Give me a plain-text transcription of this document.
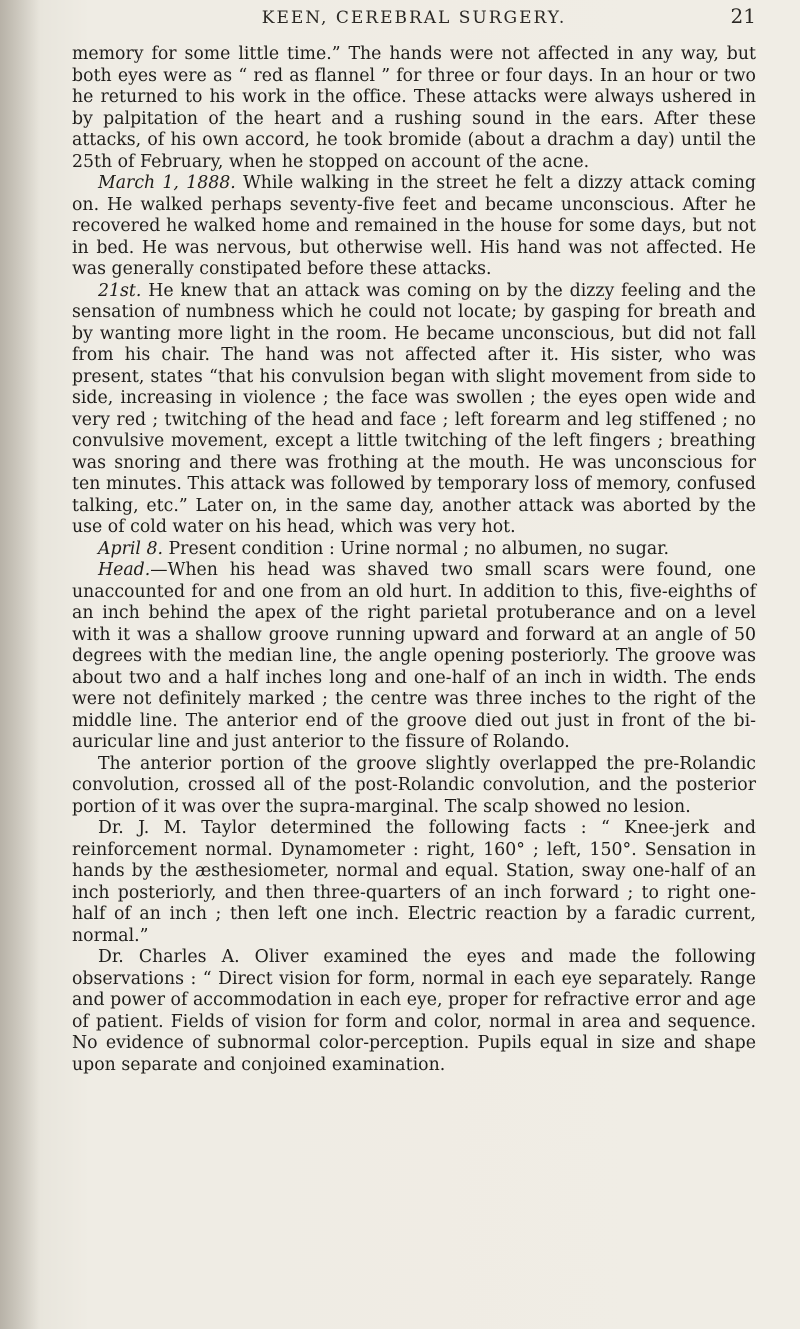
KEEN, CEREBRAL SURGERY.	21

memory for some little time.” The hands were not affected in any way, but both eyes were as “ red as flannel ” for three or four days. In an hour or two he returned to his work in the office. These attacks were always ushered in by palpitation of the heart and a rushing sound in the ears. After these attacks, of his own accord, he took bromide (about a drachm a day) until the 25th of February, when he stopped on account of the acne.

March 1, 1888. While walking in the street he felt a dizzy attack coming on. He walked perhaps seventy-five feet and became unconscious. After he recovered he walked home and remained in the house for some days, but not in bed. He was nervous, but otherwise well. His hand was not affected. He was generally constipated before these attacks.

21st. He knew that an attack was coming on by the dizzy feeling and the sensation of numbness which he could not locate; by gasping for breath and by wanting more light in the room. He became unconscious, but did not fall from his chair. The hand was not affected after it. His sister, who was present, states “that his convulsion began with slight movement from side to side, increasing in violence ; the face was swollen ; the eyes open wide and very red ; twitching of the head and face ; left forearm and leg stiffened ; no convulsive movement, except a little twitching of the left fingers ; breathing was snoring and there was frothing at the mouth. He was unconscious for ten minutes. This attack was followed by temporary loss of memory, confused talking, etc.” Later on, in the same day, another attack was aborted by the use of cold water on his head, which was very hot.

April 8. Present condition : Urine normal ; no albumen, no sugar.

Head.—When his head was shaved two small scars were found, one unaccounted for and one from an old hurt. In addition to this, five-eighths of an inch behind the apex of the right parietal protuberance and on a level with it was a shallow groove running upward and forward at an angle of 50 degrees with the median line, the angle opening posteriorly. The groove was about two and a half inches long and one-half of an inch in width. The ends were not definitely marked ; the centre was three inches to the right of the middle line. The anterior end of the groove died out just in front of the bi-auricular line and just anterior to the fissure of Rolando.

The anterior portion of the groove slightly overlapped the pre-Rolandic convolution, crossed all of the post-Rolandic convolution, and the posterior portion of it was over the supra-marginal. The scalp showed no lesion.

Dr. J. M. Taylor determined the following facts : “ Knee-jerk and reinforcement normal. Dynamometer : right, 160° ; left, 150°. Sensation in hands by the æsthesiometer, normal and equal. Station, sway one-half of an inch posteriorly, and then three-quarters of an inch forward ; to right one-half of an inch ; then left one inch. Electric reaction by a faradic current, normal.”

Dr. Charles A. Oliver examined the eyes and made the following observations : “ Direct vision for form, normal in each eye separately. Range and power of accommodation in each eye, proper for refractive error and age of patient. Fields of vision for form and color, normal in area and sequence. No evidence of subnormal color-perception. Pupils equal in size and shape upon separate and conjoined examination.
